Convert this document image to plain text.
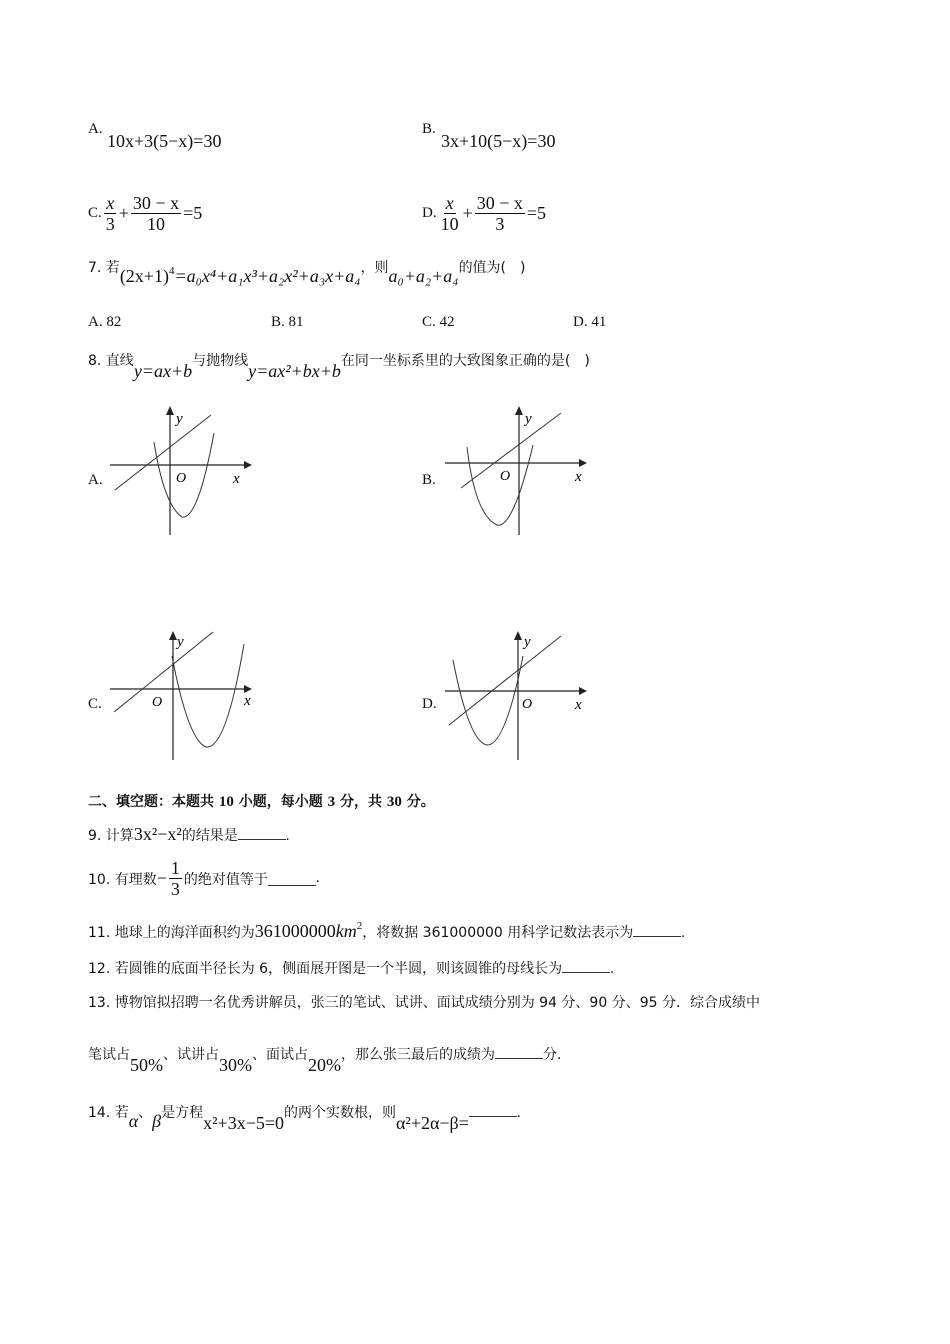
A.
10x+3(5−x)=30
B.
3x+10(5−x)=30
C. $\frac{x}{3} + \frac{30 - x}{10} =5$	D. $\frac{x}{10} + \frac{30 - x}{3} =5$
7. 若$(2x+1)^4=a_0x^4+a_1x^3+a_2x^2+a_3x+a_4$，则a₀+a₂+a₄的值为(　)
A. 82	B. 81	C. 42	D. 41
8. 直线y=ax+b与抛物线y=ax²+bx+b在同一坐标系里的大致图象正确的是(　)
A.
y
O	x	B.
y
O	x
C.
y
O	x	D.
y
O	x
二、填空题：本题共 10 小题，每小题 3 分，共 30 分。
9. 计算3x²−x²的结果是	.
10. 有理数 − $\frac{1}{3}$ 的绝对值等于	.
11. 地球上的海洋面积约为$361000000km^2$，将数据 361000000 用科学记数法表示为	.
12. 若圆锥的底面半径长为 6，侧面展开图是一个半圆，则该圆锥的母线长为	.
13. 博物馆拟招聘一名优秀讲解员，张三的笔试、试讲、面试成绩分别为 94 分、90 分、95 分．综合成绩中
笔试占50%、试讲占30%、面试占20%，那么张三最后的成绩为	分.
14. 若α、β是方程x²+3x−5=0的两个实数根，则α²+2α−β=	.
